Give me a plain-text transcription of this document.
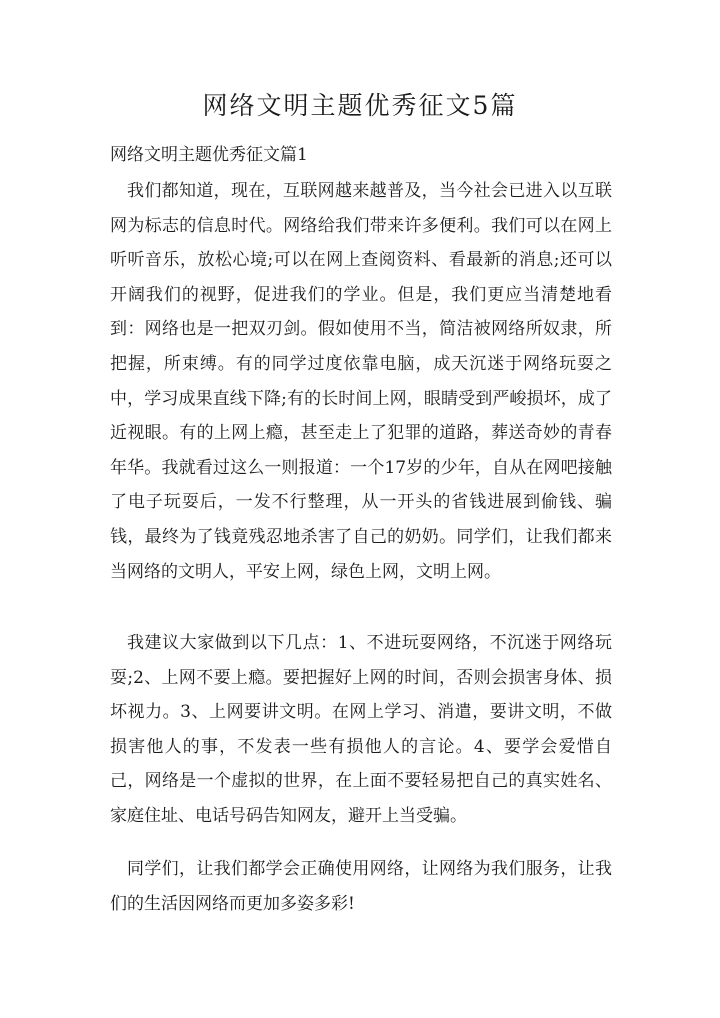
网络文明主题优秀征文5篇

网络文明主题优秀征文篇1

我们都知道，现在，互联网越来越普及，当今社会已进入以互联网为标志的信息时代。网络给我们带来许多便利。我们可以在网上听听音乐，放松心境;可以在网上查阅资料、看最新的消息;还可以开阔我们的视野，促进我们的学业。但是，我们更应当清楚地看到：网络也是一把双刃剑。假如使用不当，简洁被网络所奴隶，所把握，所束缚。有的同学过度依靠电脑，成天沉迷于网络玩耍之中，学习成果直线下降;有的长时间上网，眼睛受到严峻损坏，成了近视眼。有的上网上瘾，甚至走上了犯罪的道路，葬送奇妙的青春年华。我就看过这么一则报道：一个17岁的少年，自从在网吧接触了电子玩耍后，一发不行整理，从一开头的省钱进展到偷钱、骗钱，最终为了钱竟残忍地杀害了自己的奶奶。同学们，让我们都来当网络的文明人，平安上网，绿色上网，文明上网。

我建议大家做到以下几点：1、不进玩耍网络，不沉迷于网络玩耍;2、上网不要上瘾。要把握好上网的时间，否则会损害身体、损坏视力。3、上网要讲文明。在网上学习、消遣，要讲文明，不做损害他人的事，不发表一些有损他人的言论。4、要学会爱惜自己，网络是一个虚拟的世界，在上面不要轻易把自己的真实姓名、家庭住址、电话号码告知网友，避开上当受骗。

同学们，让我们都学会正确使用网络，让网络为我们服务，让我们的生活因网络而更加多姿多彩!
